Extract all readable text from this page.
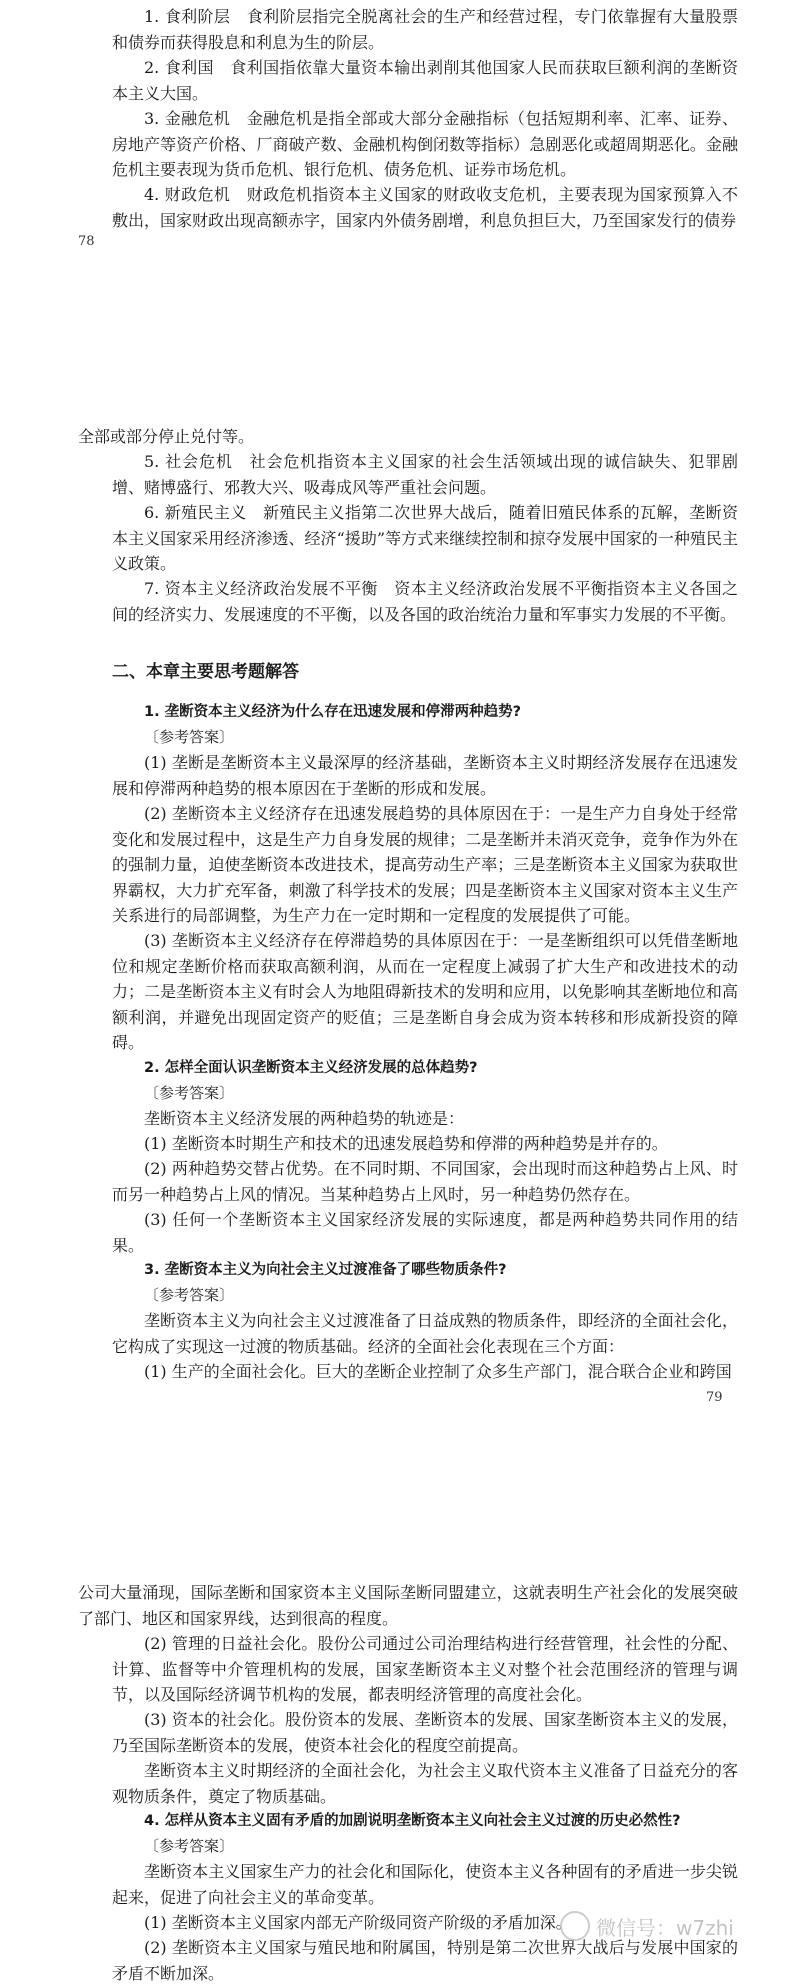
1. 食利阶层　食利阶层指完全脱离社会的生产和经营过程，专门依靠握有大量股票和债券而获得股息和利息为生的阶层。

2. 食利国　食利国指依靠大量资本输出剥削其他国家人民而获取巨额利润的垄断资本主义大国。

3. 金融危机　金融危机是指全部或大部分金融指标（包括短期利率、汇率、证券、房地产等资产价格、厂商破产数、金融机构倒闭数等指标）急剧恶化或超周期恶化。金融危机主要表现为货币危机、银行危机、债务危机、证券市场危机。

4. 财政危机　财政危机指资本主义国家的财政收支危机，主要表现为国家预算入不敷出，国家财政出现高额赤字，国家内外债务剧增，利息负担巨大，乃至国家发行的债券

78

全部或部分停止兑付等。

5. 社会危机　社会危机指资本主义国家的社会生活领域出现的诚信缺失、犯罪剧增、赌博盛行、邪教大兴、吸毒成风等严重社会问题。

6. 新殖民主义　新殖民主义指第二次世界大战后，随着旧殖民体系的瓦解，垄断资本主义国家采用经济渗透、经济“援助”等方式来继续控制和掠夺发展中国家的一种殖民主义政策。

7. 资本主义经济政治发展不平衡　资本主义经济政治发展不平衡指资本主义各国之间的经济实力、发展速度的不平衡，以及各国的政治统治力量和军事实力发展的不平衡。

二、本章主要思考题解答

1. 垄断资本主义经济为什么存在迅速发展和停滞两种趋势?

〔参考答案〕

(1) 垄断是垄断资本主义最深厚的经济基础，垄断资本主义时期经济发展存在迅速发展和停滞两种趋势的根本原因在于垄断的形成和发展。

(2) 垄断资本主义经济存在迅速发展趋势的具体原因在于：一是生产力自身处于经常变化和发展过程中，这是生产力自身发展的规律；二是垄断并未消灭竞争，竞争作为外在的强制力量，迫使垄断资本改进技术，提高劳动生产率；三是垄断资本主义国家为获取世界霸权，大力扩充军备，刺激了科学技术的发展；四是垄断资本主义国家对资本主义生产关系进行的局部调整，为生产力在一定时期和一定程度的发展提供了可能。

(3) 垄断资本主义经济存在停滞趋势的具体原因在于：一是垄断组织可以凭借垄断地位和规定垄断价格而获取高额利润，从而在一定程度上减弱了扩大生产和改进技术的动力；二是垄断资本主义有时会人为地阻碍新技术的发明和应用，以免影响其垄断地位和高额利润，并避免出现固定资产的贬值；三是垄断自身会成为资本转移和形成新投资的障碍。

2. 怎样全面认识垄断资本主义经济发展的总体趋势?

〔参考答案〕

垄断资本主义经济发展的两种趋势的轨迹是：

(1) 垄断资本时期生产和技术的迅速发展趋势和停滞的两种趋势是并存的。

(2) 两种趋势交替占优势。在不同时期、不同国家，会出现时而这种趋势占上风、时而另一种趋势占上风的情况。当某种趋势占上风时，另一种趋势仍然存在。

(3) 任何一个垄断资本主义国家经济发展的实际速度，都是两种趋势共同作用的结果。

3. 垄断资本主义为向社会主义过渡准备了哪些物质条件?

〔参考答案〕

垄断资本主义为向社会主义过渡准备了日益成熟的物质条件，即经济的全面社会化，它构成了实现这一过渡的物质基础。经济的全面社会化表现在三个方面：

(1) 生产的全面社会化。巨大的垄断企业控制了众多生产部门，混合联合企业和跨国

79

公司大量涌现，国际垄断和国家资本主义国际垄断同盟建立，这就表明生产社会化的发展突破了部门、地区和国家界线，达到很高的程度。

(2) 管理的日益社会化。股份公司通过公司治理结构进行经营管理，社会性的分配、计算、监督等中介管理机构的发展，国家垄断资本主义对整个社会范围经济的管理与调节，以及国际经济调节机构的发展，都表明经济管理的高度社会化。

(3) 资本的社会化。股份资本的发展、垄断资本的发展、国家垄断资本主义的发展，乃至国际垄断资本的发展，使资本社会化的程度空前提高。

垄断资本主义时期经济的全面社会化，为社会主义取代资本主义准备了日益充分的客观物质条件，奠定了物质基础。

4. 怎样从资本主义固有矛盾的加剧说明垄断资本主义向社会主义过渡的历史必然性?

〔参考答案〕

垄断资本主义国家生产力的社会化和国际化，使资本主义各种固有的矛盾进一步尖锐起来，促进了向社会主义的革命变革。

(1) 垄断资本主义国家内部无产阶级同资产阶级的矛盾加深。

(2) 垄断资本主义国家与殖民地和附属国，特别是第二次世界大战后与发展中国家的矛盾不断加深。

微信号：w7zhi
